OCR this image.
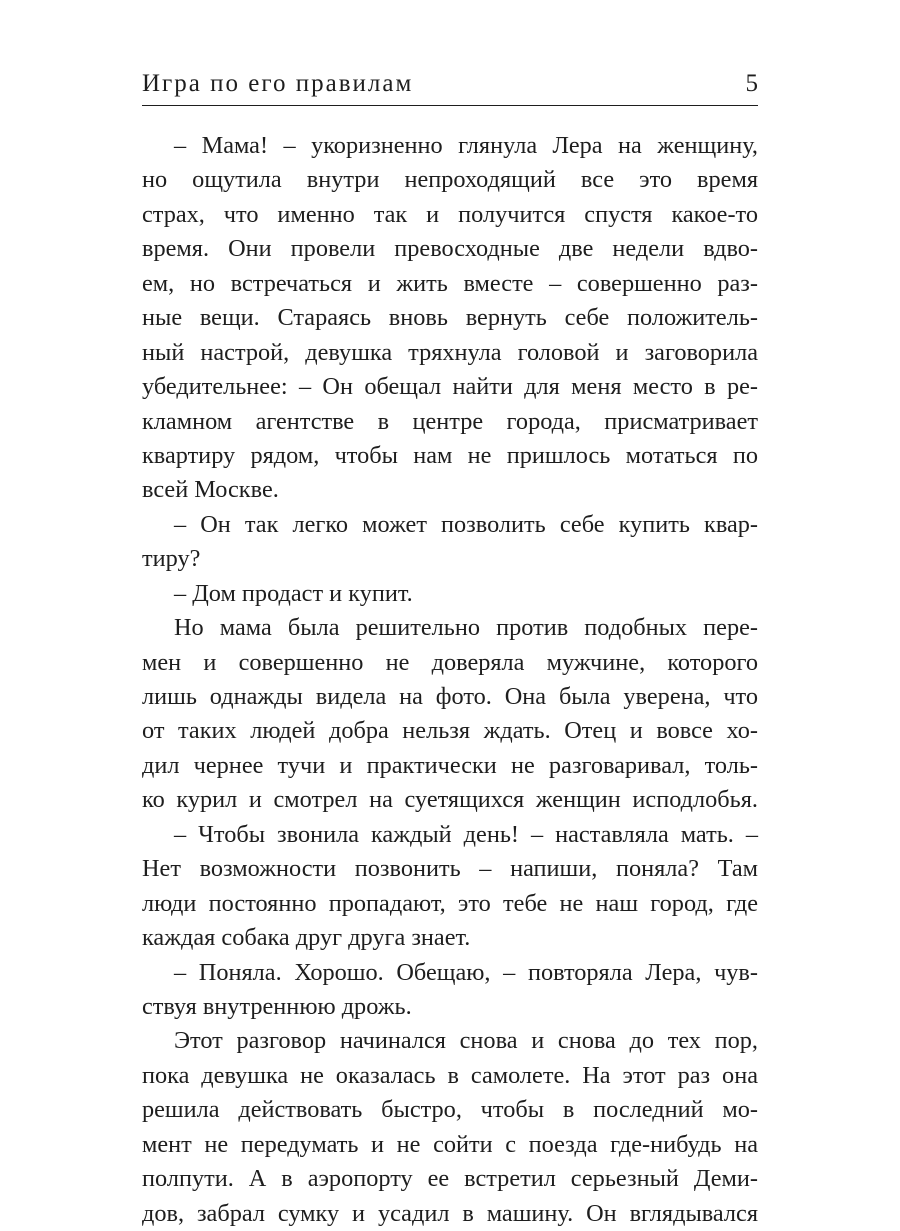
Игра по его правилам	5
– Мама! – укоризненно глянула Лера на женщину,
но ощутила внутри непроходящий все это время
страх, что именно так и получится спустя какое-то
время. Они провели превосходные две недели вдво-
ем, но встречаться и жить вместе – совершенно раз-
ные вещи. Стараясь вновь вернуть себе положитель-
ный настрой, девушка тряхнула головой и заговорила
убедительнее: – Он обещал найти для меня место в ре-
кламном агентстве в центре города, присматривает
квартиру рядом, чтобы нам не пришлось мотаться по
всей Москве.
– Он так легко может позволить себе купить квар-
тиру?
– Дом продаст и купит.
Но мама была решительно против подобных пере-
мен и совершенно не доверяла мужчине, которого
лишь однажды видела на фото. Она была уверена, что
от таких людей добра нельзя ждать. Отец и вовсе хо-
дил чернее тучи и практически не разговаривал, толь-
ко курил и смотрел на суетящихся женщин исподлобья.
– Чтобы звонила каждый день! – наставляла мать. –
Нет возможности позвонить – напиши, поняла? Там
люди постоянно пропадают, это тебе не наш город, где
каждая собака друг друга знает.
– Поняла. Хорошо. Обещаю, – повторяла Лера, чув-
ствуя внутреннюю дрожь.
Этот разговор начинался снова и снова до тех пор,
пока девушка не оказалась в самолете. На этот раз она
решила действовать быстро, чтобы в последний мо-
мент не передумать и не сойти с поезда где-нибудь на
полпути. А в аэропорту ее встретил серьезный Деми-
дов, забрал сумку и усадил в машину. Он вглядывался
